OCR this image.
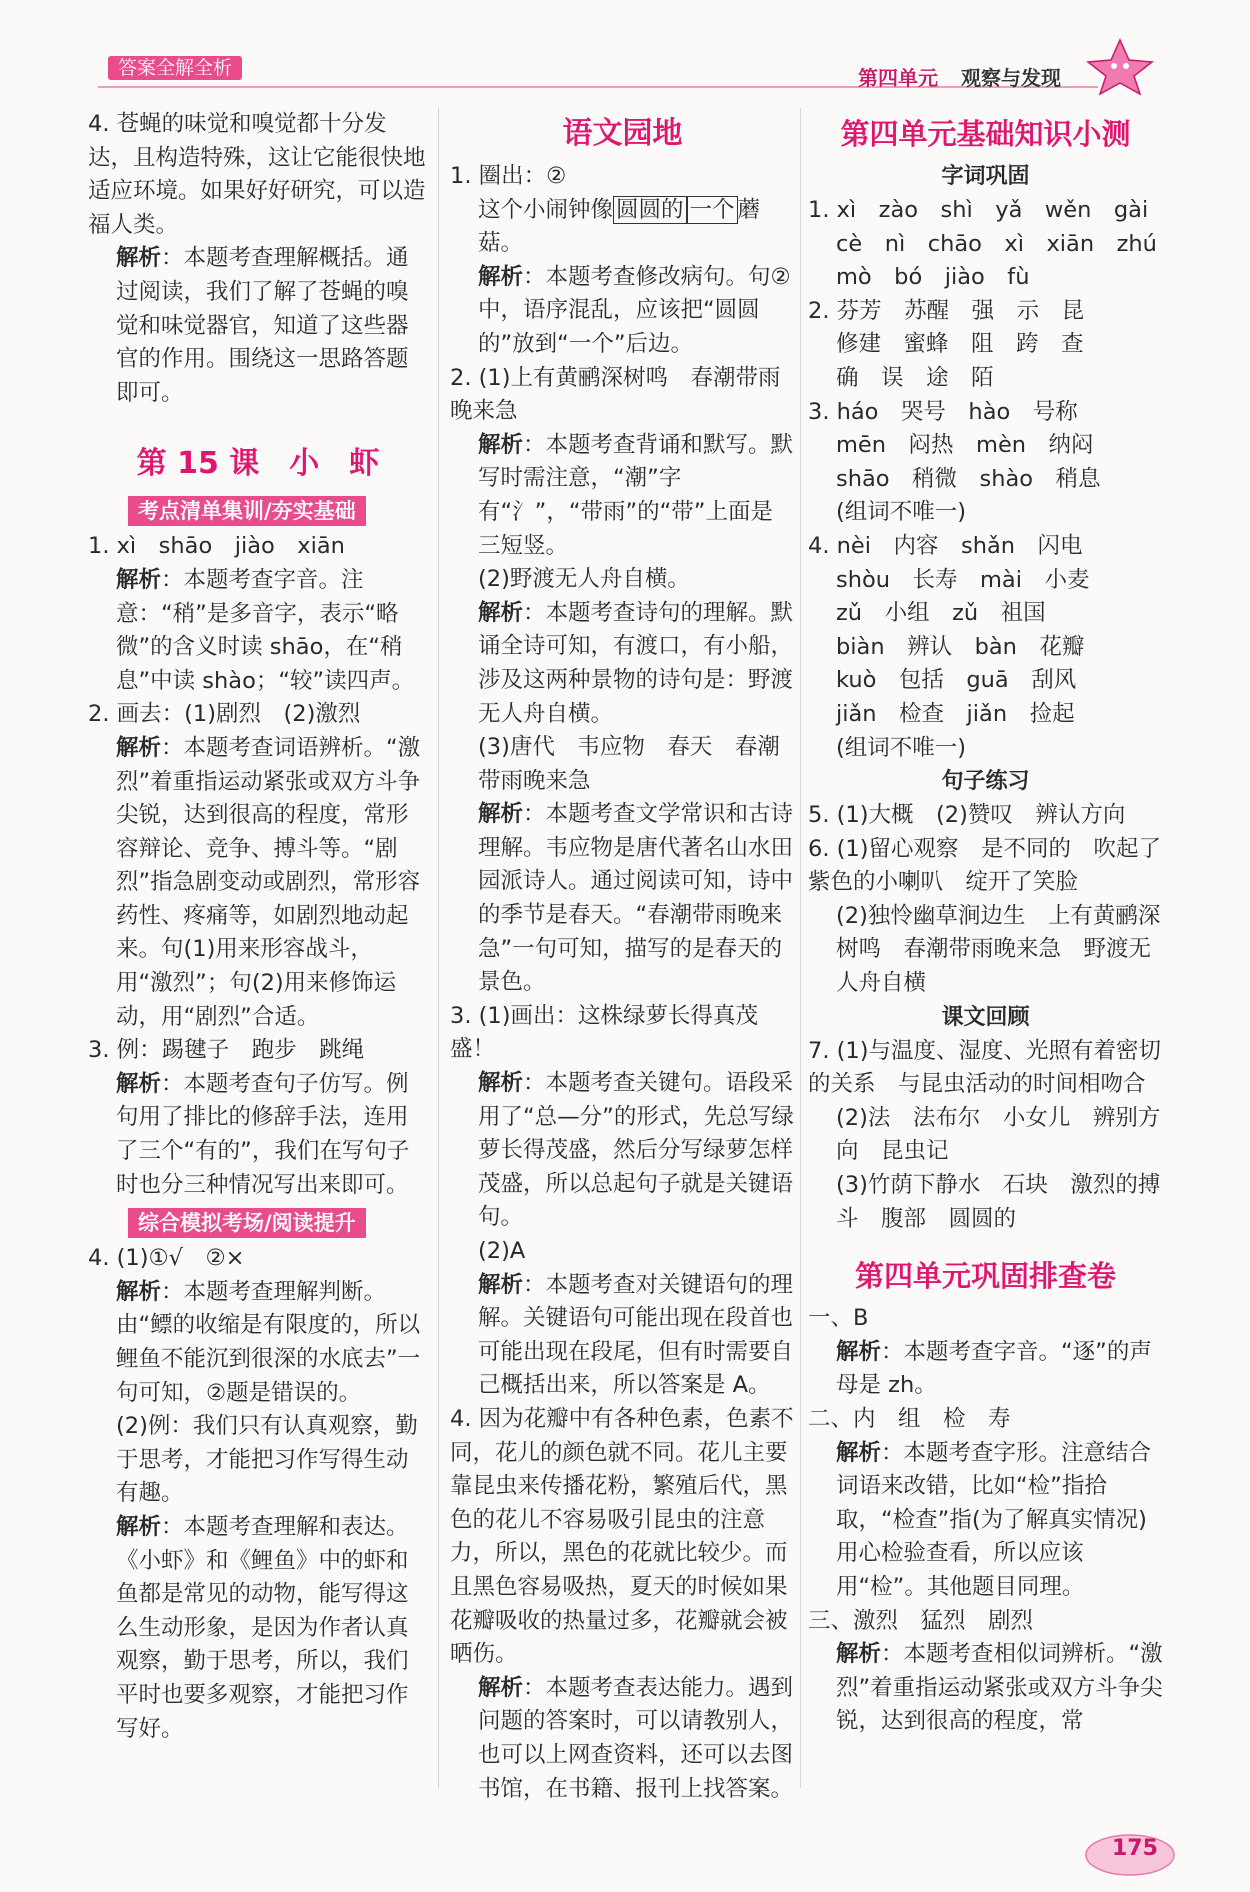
答案全解全析	第四单元 观察与发现

4. 苍蝇的味觉和嗅觉都十分发达，且构造特殊，这让它能很快地适应环境。如果好好研究，可以造福人类。

解析：本题考查理解概括。通过阅读，我们了解了苍蝇的嗅觉和味觉器官，知道了这些器官的作用。围绕这一思路答题即可。

第 15 课　小　虾
考点清单集训/夯实基础

1. xì　shāo　jiào　xiān

解析：本题考查字音。注意：“稍”是多音字，表示“略微”的含义时读 shāo，在“稍息”中读 shào；“较”读四声。

2. 画去：(1)剧烈　(2)激烈

解析：本题考查词语辨析。“激烈”着重指运动紧张或双方斗争尖锐，达到很高的程度，常形容辩论、竞争、搏斗等。“剧烈”指急剧变动或剧烈，常形容药性、疼痛等，如剧烈地动起来。句(1)用来形容战斗，用“激烈”；句(2)用来修饰运动，用“剧烈”合适。

3. 例：踢毽子　跑步　跳绳

解析：本题考查句子仿写。例句用了排比的修辞手法，连用了三个“有的”，我们在写句子时也分三种情况写出来即可。

综合模拟考场/阅读提升

4. (1)①√　②×

解析：本题考查理解判断。由“鳔的收缩是有限度的，所以鲤鱼不能沉到很深的水底去”一句可知，②题是错误的。

(2)例：我们只有认真观察，勤于思考，才能把习作写得生动有趣。

解析：本题考查理解和表达。《小虾》和《鲤鱼》中的虾和鱼都是常见的动物，能写得这么生动形象，是因为作者认真观察，勤于思考，所以，我们平时也要多观察，才能把习作写好。

语文园地

1. 圈出：②

这个小闹钟像 圆圆的 一个 蘑菇。

解析：本题考查修改病句。句②中，语序混乱，应该把“圆圆的”放到“一个”后边。

2. (1)上有黄鹂深树鸣　春潮带雨晚来急

解析：本题考查背诵和默写。默写时需注意，“潮”字有“氵”，“带雨”的“带”上面是三短竖。

(2)野渡无人舟自横。

解析：本题考查诗句的理解。默诵全诗可知，有渡口，有小船，涉及这两种景物的诗句是：野渡无人舟自横。

(3)唐代　韦应物　春天　春潮带雨晚来急

解析：本题考查文学常识和古诗理解。韦应物是唐代著名山水田园派诗人。通过阅读可知，诗中的季节是春天。“春潮带雨晚来急”一句可知，描写的是春天的景色。

3. (1)画出：这株绿萝长得真茂盛！

解析：本题考查关键句。语段采用了“总—分”的形式，先总写绿萝长得茂盛，然后分写绿萝怎样茂盛，所以总起句子就是关键语句。

(2)A

解析：本题考查对关键语句的理解。关键语句可能出现在段首也可能出现在段尾，但有时需要自己概括出来，所以答案是 A。

4. 因为花瓣中有各种色素，色素不同，花儿的颜色就不同。花儿主要靠昆虫来传播花粉，繁殖后代，黑色的花儿不容易吸引昆虫的注意力，所以，黑色的花就比较少。而且黑色容易吸热，夏天的时候如果花瓣吸收的热量过多，花瓣就会被晒伤。

解析：本题考查表达能力。遇到问题的答案时，可以请教别人，也可以上网查资料，还可以去图书馆，在书籍、报刊上找答案。

第四单元基础知识小测
字词巩固

1. xì　zào　shì　yǎ　wěn　gài

cè　nì　chāo　xì　xiān　zhú

mò　bó　jiào　fù

2. 芬芳　苏醒　强　示　昆

修建　蜜蜂　阻　跨　查

确　误　途　陌

3. háo　哭号　hào　号称

mēn　闷热　mèn　纳闷

shāo　稍微　shào　稍息

(组词不唯一)

4. nèi　内容　shǎn　闪电

shòu　长寿　mài　小麦

zǔ　小组　zǔ　祖国

biàn　辨认　bàn　花瓣

kuò　包括　guā　刮风

jiǎn　检查　jiǎn　捡起

(组词不唯一)

句子练习

5. (1)大概　(2)赞叹　辨认方向

6. (1)留心观察　是不同的　吹起了紫色的小喇叭　绽开了笑脸

(2)独怜幽草涧边生　上有黄鹂深树鸣　春潮带雨晚来急　野渡无人舟自横

课文回顾

7. (1)与温度、湿度、光照有着密切的关系　与昆虫活动的时间相吻合

(2)法　法布尔　小女儿　辨别方向　昆虫记

(3)竹荫下静水　石块　激烈的搏斗　腹部　圆圆的

第四单元巩固排查卷

一、B

解析：本题考查字音。“逐”的声母是 zh。

二、内　组　检　寿

解析：本题考查字形。注意结合词语来改错，比如“检”指拾取，“检查”指(为了解真实情况)用心检验查看，所以应该用“检”。其他题目同理。

三、激烈　猛烈　剧烈

解析：本题考查相似词辨析。“激烈”着重指运动紧张或双方斗争尖锐，达到很高的程度，常

175
